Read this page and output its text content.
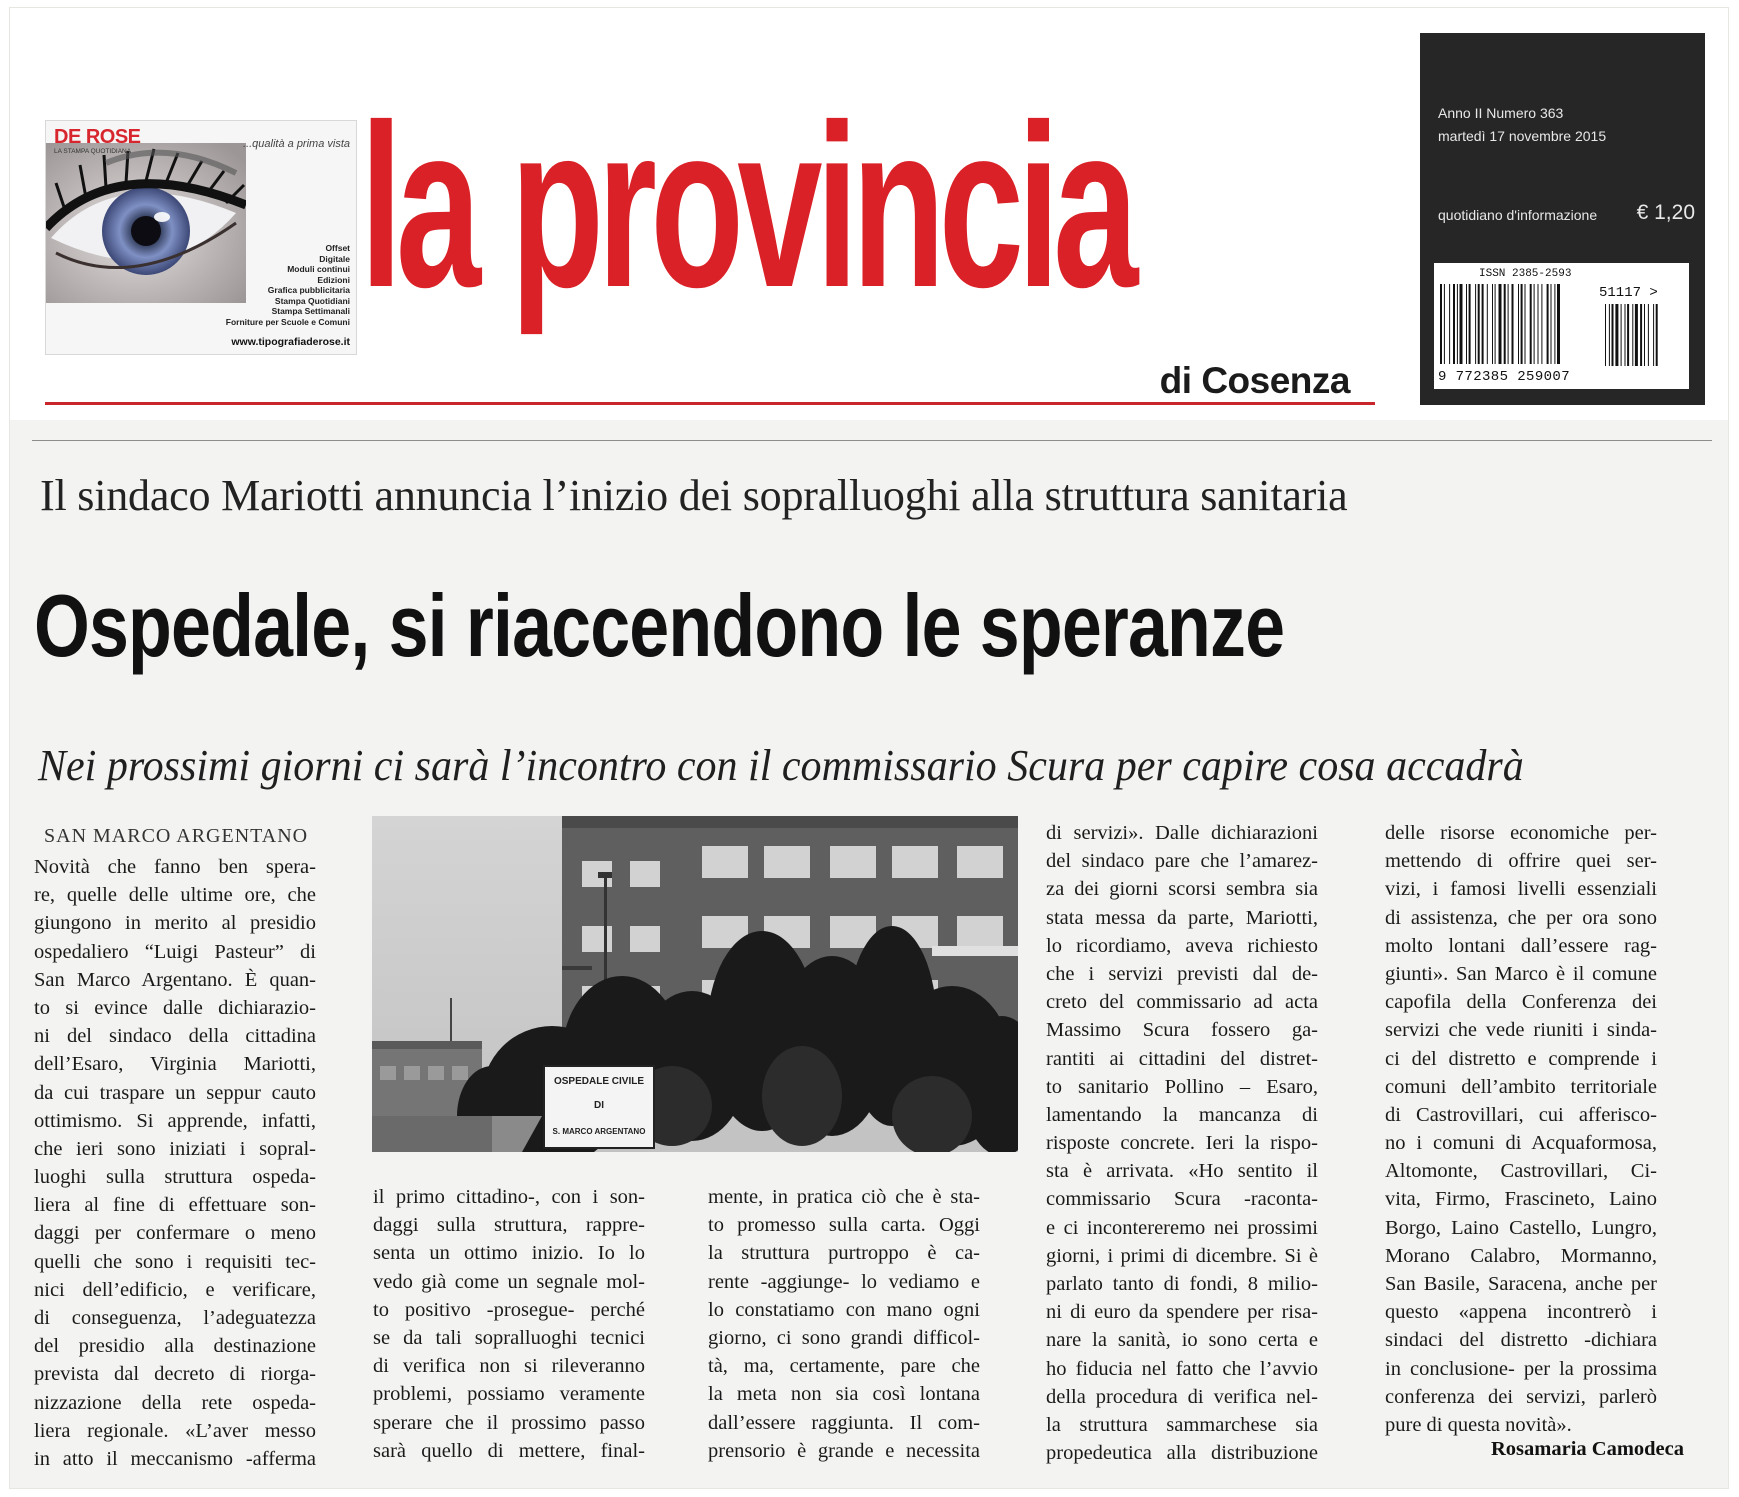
DE ROSE
LA STAMPA QUOTIDIANA
...qualità a prima vista
Offset
Digitale
Moduli continui
Edizioni
Grafica pubblicitaria
Stampa Quotidiani
Stampa Settimanali
Forniture per Scuole e Comuni
www.tipografiaderose.it
la provincia
di Cosenza
Anno II Numero 363
martedì 17 novembre 2015
quotidiano d'informazione € 1,20
ISSN 2385-2593
51117 >
9 772385 259007
Il sindaco Mariotti annuncia l’inizio dei sopralluoghi alla struttura sanitaria
Ospedale, si riaccendono le speranze
Nei prossimi giorni ci sarà l’incontro con il commissario Scura per capire cosa accadrà
SAN MARCO ARGENTANO
Novità che fanno ben spera-
re, quelle delle ultime ore, che
giungono in merito al presidio
ospedaliero “Luigi Pasteur” di
San Marco Argentano. È quan-
to si evince dalle dichiarazio-
ni del sindaco della cittadina
dell’Esaro, Virginia Mariotti,
da cui traspare un seppur cauto
ottimismo. Si apprende, infatti,
che ieri sono iniziati i sopral-
luoghi sulla struttura ospeda-
liera al fine di effettuare son-
daggi per confermare o meno
quelli che sono i requisiti tec-
nici dell’edificio, e verificare,
di conseguenza, l’adeguatezza
del presidio alla destinazione
prevista dal decreto di riorga-
nizzazione della rete ospeda-
liera regionale. «L’aver messo
in atto il meccanismo -afferma
il primo cittadino-, con i son-
daggi sulla struttura, rappre-
senta un ottimo inizio. Io lo
vedo già come un segnale mol-
to positivo -prosegue- perché
se da tali sopralluoghi tecnici
di verifica non si rileveranno
problemi, possiamo veramente
sperare che il prossimo passo
sarà quello di mettere, final-
mente, in pratica ciò che è sta-
to promesso sulla carta. Oggi
la struttura purtroppo è ca-
rente -aggiunge- lo vediamo e
lo constatiamo con mano ogni
giorno, ci sono grandi difficol-
tà, ma, certamente, pare che
la meta non sia così lontana
dall’essere raggiunta. Il com-
prensorio è grande e necessita
di servizi». Dalle dichiarazioni
del sindaco pare che l’amarez-
za dei giorni scorsi sembra sia
stata messa da parte, Mariotti,
lo ricordiamo, aveva richiesto
che i servizi previsti dal de-
creto del commissario ad acta
Massimo Scura fossero ga-
rantiti ai cittadini del distret-
to sanitario Pollino – Esaro,
lamentando la mancanza di
risposte concrete. Ieri la rispo-
sta è arrivata. «Ho sentito il
commissario Scura -raconta-
e ci incontereremo nei prossimi
giorni, i primi di dicembre. Si è
parlato tanto di fondi, 8 milio-
ni di euro da spendere per risa-
nare la sanità, io sono certa e
ho fiducia nel fatto che l’avvio
della procedura di verifica nel-
la struttura sammarchese sia
propedeutica alla distribuzione
delle risorse economiche per-
mettendo di offrire quei ser-
vizi, i famosi livelli essenziali
di assistenza, che per ora sono
molto lontani dall’essere rag-
giunti». San Marco è il comune
capofila della Conferenza dei
servizi che vede riuniti i sinda-
ci del distretto e comprende i
comuni dell’ambito territoriale
di Castrovillari, cui afferisco-
no i comuni di Acquaformosa,
Altomonte, Castrovillari, Ci-
vita, Firmo, Frascineto, Laino
Borgo, Laino Castello, Lungro,
Morano Calabro, Mormanno,
San Basile, Saracena, anche per
questo «appena incontrerò i
sindaci del distretto -dichiara
in conclusione- per la prossima
conferenza dei servizi, parlerò
pure di questa novità».
OSPEDALE CIVILE
DI
S. MARCO ARGENTANO
Rosamaria Camodeca
